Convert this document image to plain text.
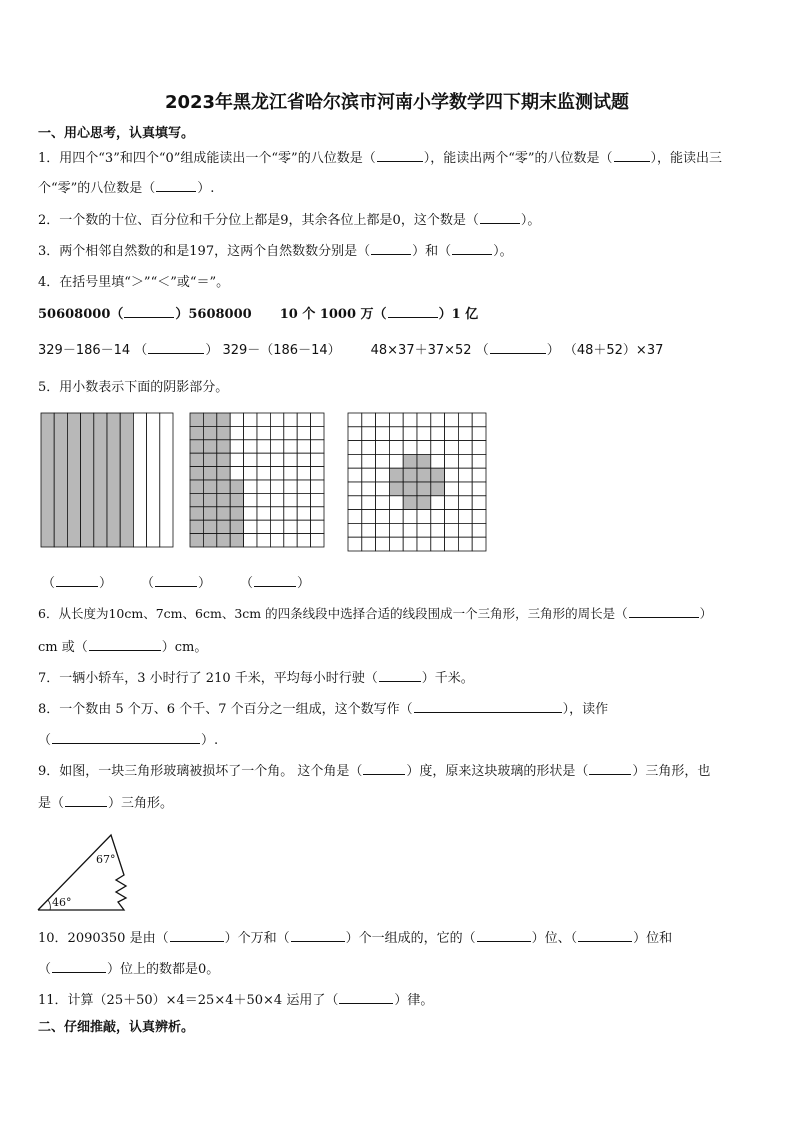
2023年黑龙江省哈尔滨市河南小学数学四下期末监测试题
一、用心思考，认真填写。
1．用四个“3”和四个“0”组成能读出一个“零”的八位数是（	），能读出两个“零”的八位数是（	），能读出三
个“零”的八位数是（	）.
2．一个数的十位、百分位和千分位上都是9，其余各位上都是0，这个数是（	）。
3．两个相邻自然数的和是197，这两个自然数数分别是（	）和（	）。
4．在括号里填“＞”“＜”或“＝”。
50608000（	）5608000 10 个 1000 万（	）1 亿
329－186－14 （	） 329－（186－14） 48×37＋37×52 （	） （48＋52）×37
5．用小数表示下面的阴影部分。
（	） （	） （	）
6．从长度为10cm、7cm、6cm、3cm 的四条线段中选择合适的线段围成一个三角形，三角形的周长是（	）
cm 或（	）cm。
7．一辆小轿车，3 小时行了 210 千米，平均每小时行驶（	）千米。
8．一个数由 5 个万、6 个千、7 个百分之一组成，这个数写作（	），读作
（	）.
9．如图，一块三角形玻璃被损坏了一个角。 这个角是（	）度，原来这块玻璃的形状是（	）三角形，也
是（	）三角形。
67°
46°
10．2090350 是由（	）个万和（	）个一组成的，它的（	）位、（	）位和
（	）位上的数都是0。
11．计算（25＋50）×4＝25×4＋50×4 运用了（	）律。
二、仔细推敲，认真辨析。
